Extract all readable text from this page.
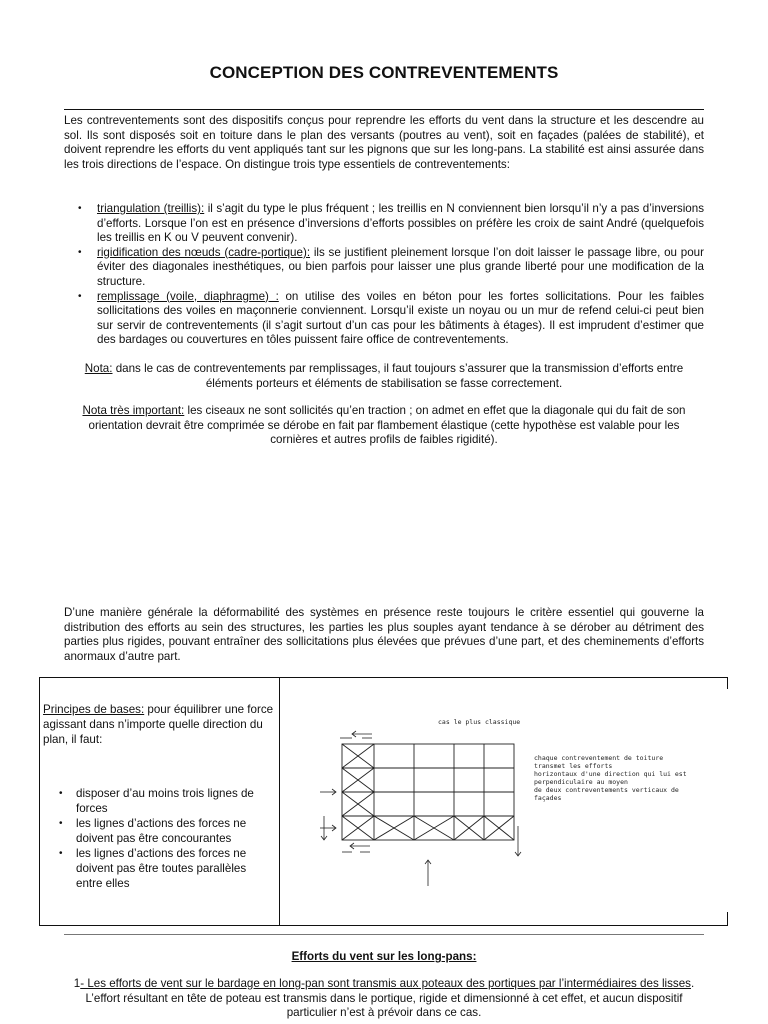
CONCEPTION DES CONTREVENTEMENTS

Les contreventements sont des dispositifs conçus pour reprendre les efforts du vent dans la structure et les descendre au sol. Ils sont disposés soit en toiture dans le plan des versants (poutres au vent), soit en façades (palées de stabilité), et doivent reprendre les efforts du vent appliqués tant sur les pignons que sur les long-pans. La stabilité est ainsi assurée dans les trois directions de l’espace. On distingue trois type essentiels de contreventements:

• triangulation (treillis): il s’agit du type le plus fréquent ; les treillis en N conviennent bien lorsqu’il n’y a pas d’inversions d’efforts. Lorsque l’on est en présence d’inversions d’efforts possibles on préfère les croix de saint André (quelquefois les treillis en K ou V peuvent convenir).
• rigidification des nœuds (cadre-portique): ils se justifient pleinement lorsque l’on doit laisser le passage libre, ou pour éviter des diagonales inesthétiques, ou bien parfois pour laisser une plus grande liberté pour une modification de la structure.
• remplissage (voile, diaphragme) : on utilise des voiles en béton pour les fortes sollicitations. Pour les faibles sollicitations des voiles en maçonnerie conviennent. Lorsqu’il existe un noyau ou un mur de refend celui-ci peut bien sur servir de contreventements (il s’agit surtout d’un cas pour les bâtiments à étages). Il est imprudent d’estimer que des bardages ou couvertures en tôles puissent faire office de contreventements.

Nota: dans le cas de contreventements par remplissages, il faut toujours s’assurer que la transmission d’efforts entre éléments porteurs et éléments de stabilisation se fasse correctement.

Nota très important: les ciseaux ne sont sollicités qu’en traction ; on admet en effet que la diagonale qui du fait de son orientation devrait être comprimée se dérobe en fait par flambement élastique (cette hypothèse est valable pour les cornières et autres profils de faibles rigidité).

D’une manière générale la déformabilité des systèmes en présence reste toujours le critère essentiel qui gouverne la distribution des efforts au sein des structures, les parties les plus souples ayant tendance à se dérober au détriment des parties plus rigides, pouvant entraîner des sollicitations plus élevées que prévues d’une part, et des cheminements d’efforts anormaux d’autre part.

Principes de bases: pour équilibrer une force agissant dans n’importe quelle direction du plan, il faut:
• disposer d’au moins trois lignes de forces
• les lignes d’actions des forces ne doivent pas être concourantes
• les lignes d’actions des forces ne doivent pas être toutes parallèles entre elles
cas le plus classique
chaque contreventement de toiture
transmet les efforts
horizontaux d'une direction qui lui est
perpendiculaire au moyen
de deux contreventements verticaux de
façades

Efforts du vent sur les long-pans:

1- Les efforts de vent sur le bardage en long-pan sont transmis aux poteaux des portiques par l’intermédiaires des lisses. L’effort résultant en tête de poteau est transmis dans le portique, rigide et dimensionné à cet effet, et aucun dispositif particulier n’est à prévoir dans ce cas.
